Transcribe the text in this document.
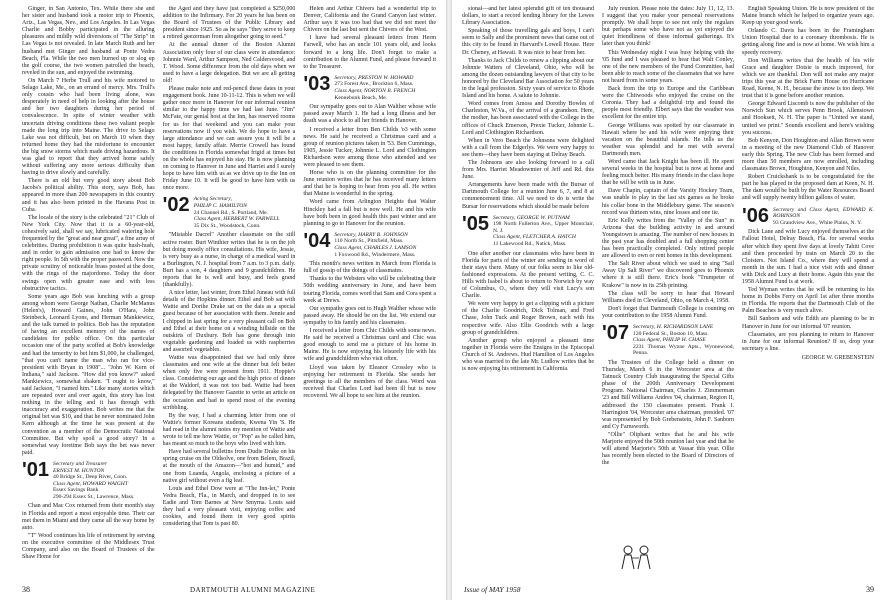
Ginger, in San Antonio, Tex. While there she and her sister and husband took a motor trip to Phoenix, Ariz., Las Vegas, Nev., and Los Angeles. In Las Vegas Charlie and Bobby participated in the alluring pleasures and mildly wild diversions of "The Strip" in Las Vegas is not revealed. In late March Ruth and her husband met Ginger and husband at Ponte Vedra Beach, Fla. While the two men burned up or slog up the golf course, the two women patrolled the beach, reveled in the sun, and enjoyed the swimming.

On March 7 Herbe Trull and his wife motored to Selago Lake, Me., on an errand of mercy. Mrs. Trull's only cousin who had been living alone, was desperately in need of help in looking after the house and her two daughters during her period of convalescence. In spite of winter weather with uncertain driving conditions these two valiant people made the long trip into Maine. The drive to Selago Lake was not difficult, but on March 10 when they returned home they had the misfortune to encounter the big snow storms which made driving hazardous. It was glad to report that they arrived home safely without suffering any more serious difficulty than having to drive slowly and carefully.

There is an old but very good story about Bob Jacobs's political ability. This story, says Bob, has appeared in more than 200 newspapers in this country and it has also been printed in the Havana Post in Cuba.

The locale of the story is the celebrated "21" Club of New York City. Now that it is a 60-year-old, cohesively said, shall we say, lubricated watering hole frequented by the "great and near great", a fine array of celebrities. During prohibition it was quite hush-hush, and in order to gain admission one had to know the right people. In 5th with the proper password. Now the private scrutiny of noticeable brass posted at the door, with the rings of the majordomo. Today the door swings open with greater ease and with less obstructive tactics.

Some years ago Bob was lunching with a group among whom were George Nathan, Charlie McManus (Helen's), Howard Gaines, John O'Hara, John Steinbeck, Leonard Lyons, and Herman Mankiewicz, and the talk turned to politics. Bob has the reputation of having an excellent memory of the names of candidates for public office. On this particular occasion one of the party scoffed at Bob's knowledge and had the temerity to bet him $1,000, he challenged, "that you can't name the man who ran for vice-president with Bryan in 1908"... "John W. Kern of Indiana," said Jackson. "How did you know?" asked Mankiewicz, somewhat shaken. "I ought to know," said Jackson, "I named him." Like many stories which are repeated over and over again, this story has lost nothing in the telling and it has through with inaccuracy and exaggeration. Bob writes me that the original bet was $10, and that he never nominated John Kern although at the time he was present at the convention as a member of the Democratic National Committee. But why spoil a good story? In a somewhat way foretime Bob says the bet was never paid.

'01 Secretary and Treasurer
ERNEST M. HUNTON
40 Bridge St., Deep River, Conn.
Class Agent, HOWARD WAIGHT
Essex Savings Bank
290-294 Essex St., Lawrence, Mass.

Chan and Mac Cox returned from their month's stay in Florida and report a most enjoyable time. Their car met them in Miami and they came all the way home by auto.

"T" Wood continues his life of retirement by serving on the executive committee of the Middlesex Trust Company, and also on the Board of Trustees of the Shaw Home for

the Aged and they have just completed a $250,000 addition to the Infirmary. For 20 years he has been on the Board of Trustees of the Public Library and president since 1925. So as he says "they serve to keep a retired geezerman from altogether going to seed."

At the annual dinner of the Boston Alumni Association only four of our class were in attendance: Johnnie Ward, Arthur Sampson, Ned Caldersvood, and T. Wood. Some difference from the old days when we used to have a large delegation. But we are all getting old!

Please make note and red-pencil these dates in your engagement book. June 10-11-12. This is when we will gather once more in Hanover for our informal reunion similar to the happy time we had last June. "Jim" McFate, our genial host at the Inn, has reserved rooms for us for that weekend and you can make your reservations now if you wish. We do hope to have a large attendance and we can assure you it will be a most happy, family affair. Merrie Crowell has found the conditions in Florida somewhat frigid at times but on the whole has enjoyed his stay. He is now planning on coming to Hanover in June and Harriet and I surely hope to have him with us as we drive up to the Inn on Friday June 10. It will be good to have him with us once more.

'02 Acting Secretary,
PHILIP C. HAMILTON
24 Channel Rd., S. Portland, Me.
Class Agent, HERBERT W. FARWELL
35 Dix St., Woodstock, Conn.

"Mistable Dacrel" Another classmate on the still active roster. Burt Winthier writes that he is on the job but doing mostly office consultations. His wife, Jessie, is very busy as a nurse, in charge of a medical ward in a Burlington, N. J. hospital from 7 a.m. to 3 p.m. daily. Burt has a son, 4 daughters and 9 grandchildren. He reports that he is well and busy, and feels grand (thankfully).

A nice letter, last winter, from Ethel Juneau with full details of the Hopkins dinner. Ethel and Bob sat with Wattie and Dorthe Drake sat on the dais as a special guest because of her association with them. Jennie and I chipped in last spring for a very pleasant call on Bob and Ethel at their home on a winding hillside on the outskirts of Duxbury. Bob has gone through into vegetable gardening and loaded us with raspberries and assorted vegetables.

Wattie was disappointed that we had only three classmates and one wife at the dinner but felt better when only five were present from 1911. Hoppie's class. Considering our age and the high price of dinner at the Waldorf, it was not too bad. Wattie had been delegated by the Hanover Gazette to write an article on the occasion and had to spend most of the evening scribbling.

By the way, I had a charming letter from one of Wattie's former Koreans students, Kwena Yin 'S. He had read in the alumni notes my mention of Wattie and wrote to tell me how Wattie, or "Pop" as he called him, has meant so much to the boys who lived with him.

Have had several bulletins from Dudie Drake on his spring cruise on the Oldsolve, one from Belem, Brazil, at the mouth of the Amazon—"hot and humid," and one from Luanda, Angola, enclosing a picture of a native girl without even a fig leaf.

Louis and Ethel Dow were at "The Inn-let," Ponte Vedra Beach, Fla., in March, and dropped in to see Eadie and Tom Barnes at New Smyrna. Louis said they had a very pleasant visit, enjoying coffee and cookies, and found them in very good spirits considering that Tom is past 80.

Helen and Arthur Chivers had a wonderful trip to Denver, California and the Grand Canyon last winter. Arthur says it was too bad that we did not meet the Chivers on the last but sent the Chivers of the West.

I have had several pleasant letters from Herm Farwell, who has an uncle 101 years old, and looks forward to a long life. Don't forget to make a contribution to the Alumni Fund, and please forward it to the Treasurer.

'03 Secretary, PRESTON W. HOWARD
273 Forest Ave., Brockton 6, Mass.
Class Agent, NORTON B. FRENCH
Kennebunk Beach, Me.

Our sympathy goes out to Alan Walther whose wife passed away March 1. He had a long illness and her death was a shock to all her friends in Hanover.

I received a letter from Ben Childs 'o3 with some news. He said he received a Christmas card and a group of reunion pictures taken in '53. Ben Cummings, 1905, Jessie Tucker, Johnnie L. Lord and Clothington Richardson were among those who attended and we were pleased to see them.

Horse who is on the planning committee for the June reunion writes that he has received many letters and that he is hoping to hear from you all. He writes that Maine is wonderful in the spring.

Word came from Arlington Heights that Walter Hinckley had a fall but is now well. He and his wife have both been in good health this past winter and are planning to go to Hanover for the reunion.

'04 Secretary, HARRY B. JOHNSON
110 North St., Pittsfield, Mass.
Class Agent, CHARLES J. LAMSON
1 Foxwood Rd., Windermere, Mass.

This month's news written in March from Florida is full of gossip of the doings of classmates.

Thanks to the Websters who will be celebrating their 50th wedding anniversary in June, and have been touring Florida, comes word that Sam and Cora spent a week at Drews.

Our sympathy goes out to Hugh Walther whose wife passed away. He should be on the list. We extend our sympathy to his family and his classmates.

I received a letter from Chic Childs with some news. He said he received a Christmas card and Chic was good enough to send me a picture of his home in Maine. He is now enjoying his leisurely life with his wife and grandchildren who visit often.

Lloyd was taken by Eleanor Crossley who is enjoying her retirement in Florida. She sends her greetings to all the members of the class. Word was received that Charles Lord had been ill but is now recovered. We all hope to see him at the reunion.

38	DARTMOUTH ALUMNI MAGAZINE

sional—and her latest splendid gift of ten thousand dollars, to start a record lending library for the Lewes Library Association.

Speaking of those travelling gals and boys, I can't seem to Sally and the prominent news that came out of this city to be found in Harvard's Lowell House. Here Dr. Cheney, at Hawaii. It was nice to hear from her.

Thanks to Jack Childs to renew a clipping about our Johnnie Watters of Cleveland, Ohio, who will be among the dozen outstanding lawyers of that city to be honored by the Cleveland Bar Association for 50 years in the legal profession. Sixty years of service to Rhode Island and his home. A salute to Johnnie.

Word comes from Amoss and Dorothy Bowles of Charleston, W.Va., of the arrival of a grandson. Here, the mother, has been associated with the College in the offices of Chuck Emerson, Prexie Tucker, Johnnie L. Lord and Clothington Richardson.

When in Vero Beach the Johnsons were delighted with a call from the Edgerlys. We were very happy to see them—they have been staying at Delray Beach.

The Johnsons are also looking forward to a call from Mrs. Harriet Meadowmier of Jeff and Rd. this June.

Arrangements have been made with the Bursar of Dartmouth College for a reunion June 6, 7, and 8 at commencement time. All we need to do is write the Bursar for reservations which should be made before

'05 Secretary, GEORGE W. PUTNAM
198 North Fullerton Ave., Upper Montclair, N. J.
Class Agent, FLETCHER A. HATCH
11 Lakewood Rd., Natick, Mass.

One after another our classmates who have been in Florida for parts of the winter are sending in word of their stays there. Many of our folks seem to like old-fashioned expressions. At the present writing, C. C. Hills with Isabel is about to return to Norwich by way of Columbus, O., where they will visit Lucy's son Charlie.

We were very happy to get a clipping with a picture of the Charlie Goodrich, Dick Tolman, and Fred Chase, John Tuck and Roger Brown, each with his respective wife. Also Ellis Goodrich with a large group of grandchildren.

Another group who enjoyed a pleasant time together in Florida were the Ensigns in the Episcopal Church of St. Andrews. Hud Hamilton of Los Angeles who was married to the late Mr. Ludlow writes that he is now enjoying his retirement in California.

July reunion. Please note the dates: July 11, 12, 13. I suggest that you make your personal reservations promptly. We shall hope to see not only the regulars but perhaps some who have not as yet enjoyed the quiet friendliness of these informal gatherings. It's later than you think!

This Wednesday night I was busy helping with the '05 fund and I was pleased to hear that Walt Conley, one of the new members of the Fund Committee, had been able to reach some of the classmates that we have not heard from in some years.

Back from the trip to Europe and the Caribbean were the Chitwoods who enjoyed the cruise on the Coronia. They had a delightful trip and found the people most friendly. Elbert says that the weather was excellent for the entire trip.

George Williams was spotted by our classmate in Hawaii where he and his wife were enjoying their vacation on the beautiful islands. He tells us the weather was splendid and he met with several Dartmouth men.

Word came that Jack Knight has been ill. He spent several weeks in the hospital but is now at home and feeling much better. His many friends in the class hope that he will be with us in June.

Dave Chapin, captain of the Varsity Hockey Team, was unable to play in the last six games as he broke his collar bone in the Middlebury game. The season's record was thirteen wins, nine losses and one tie.

Eric Kelly writes from the "Valley of the Sun" in Arizona that the building activity in and around Youngstown is amazing. The number of new houses in the past year has doubled and a full shopping center has been practically completed. Only retired people are allowed to own or rent homes in this development.

The Salt River about which we used to sing "Sail Away Up Salt River" we discovered goes to Phoenix where it is still there. Eric's book "Trumpeter of Krakow" is now in its 25th printing.

The class will be sorry to hear that Howard Williams died in Cleveland, Ohio, on March 4, 1958.

Don't forget that Dartmouth College is counting on your contribution to the 1958 Alumni Fund.

'07 Secretary, H. RICHARDSON LANE
120 Federal St., Boston 10, Mass.
Class Agent, PHILIP H. CHASE
2231 Thomas Wynne Apts., Wynnewood, Penna.

The Trustees of the College held a dinner on Thursday, March 6 in the Worcester area at the Tatnuck Country Club inaugurating the Special Gifts phase of the 200th Anniversary Development Program. National Chairman, Charles J. Zimmerman '23 and Bill Williams Andres '04, chairman, Region II, addressed the 150 classmates present. Frank I. Harrington '04, Worcester area chairman, presided. '07 was represented by Bob Grebenstein, John F. Sanborn and Cy Farnsworth.

"Ollie" Oliphant writes that he and his wife Marjorie enjoyed the 50th reunion last year and that he will attend Marjorie's 50th at Vassar this year. Ollie has recently been elected to the Board of Directors of the

English Speaking Union. He is now president of the Maine branch which he helped to organize years ago. Keep up your good work.

Orlando C. Davis has been in the Framingham Union Hospital due to a coronary thrombosis. He is getting along fine and is now at home. We wish him a speedy recovery.

Don Williams writes that the health of his wife Grace and daughter Dotsie is much improved, for which we are thankful. Don will not make any major trips this year at the Brick Farm House on Hurricane Road, Keene, N. H., because the snow is too deep. We trust that it is gone before another reunion.

George Edward Liscomb is now the publisher of the Norwich Sun which serves Penn Brook, Allenstown and Hooksett, N. H. The paper is "United we stand, united we print." Sounds excellent and here's wishing you success.

Bob Kenyon, Don Houghton and Allan Brown were in a meeting of the new Diamond Club of Hanover early this Spring. The new Club has been formed and more than 50 members are now enrolled, including classmates Brown, Houghton, Kenyon and Niles.

Robert Cruickshank is to be congratulated for the part he has played in the proposed dam at Keen, N. H. The dam would be built by the Water Resources Board and will supply twenty billion gallons of water.

'06 Secretary and Class Agent, EDWARD K. ROBINSON
93 Grandview Ave., White Plains, N. Y.

Dick Lane and wife Lucy enjoyed themselves at the Fallout Hotel, Delray Beach, Fla. for several weeks after which they spent five days at lovely Tahiti Cove and then proceeded by train on March 20 to the Cloisters. Not Island Co., where they will spend a month in the sun. I had a nice visit with and dinner with Dick and Lucy at their home. Again this year the 1958 Alumni Fund is at work.

Ted Wyman writes that he will be returning to his home in Dobbs Ferry on April 1st after three months in Florida. He reports that the Dartmouth Club of the Palm Beaches is very much alive.

Bill Sanborn and wife Edith are planning to be in Hanover in June for our informal '07 reunion.

Classmates, are you planning to return to Hanover in June for our informal Reunion? If so, drop your secretary a line.

GEORGE W. GREBENSTEIN
Issue of MAY 1958	39
